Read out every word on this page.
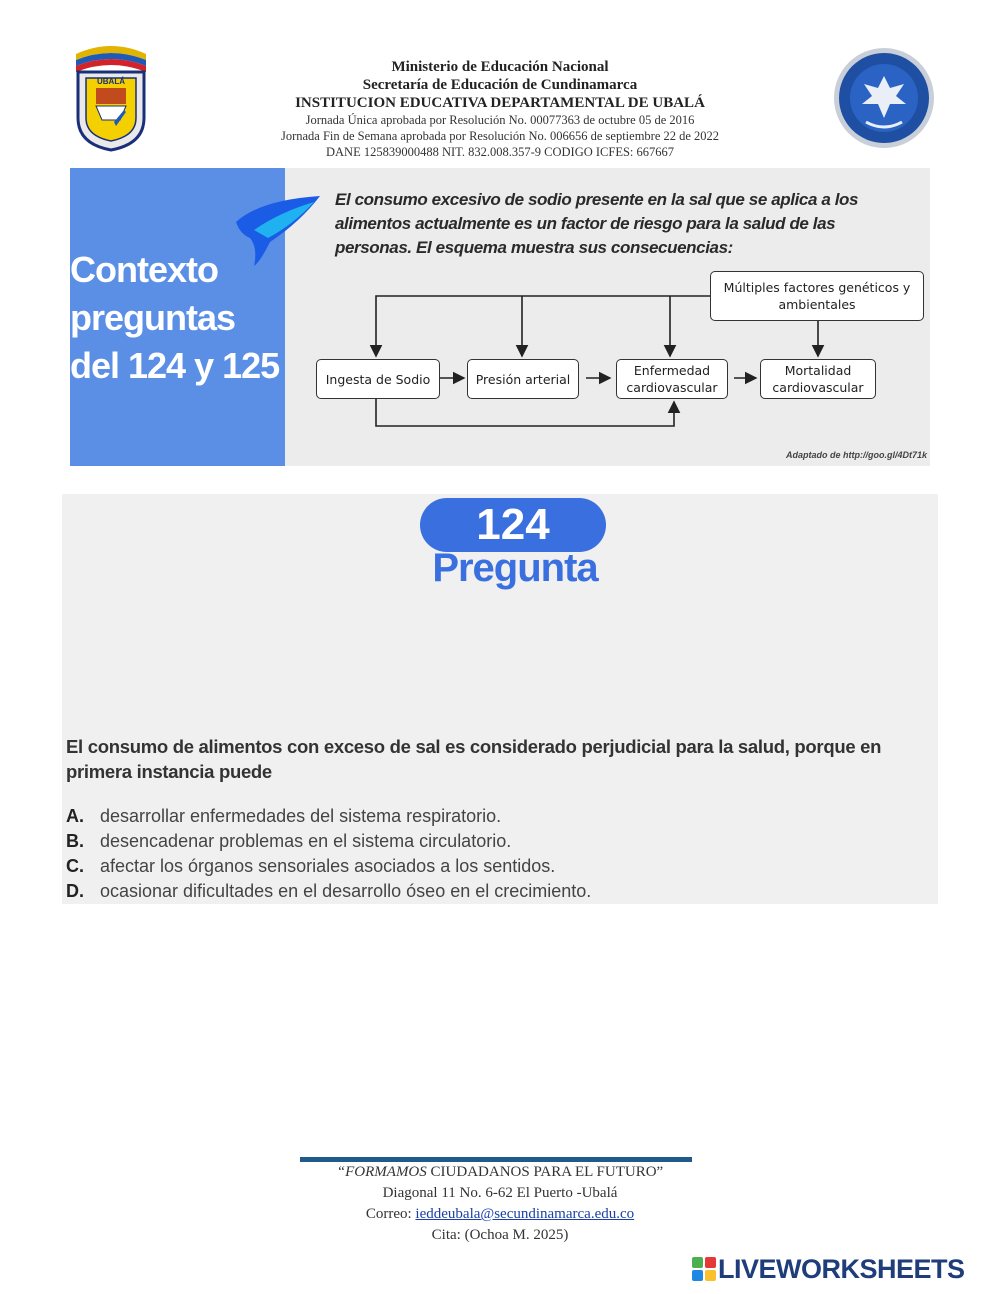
UBALÁ
Ministerio de Educación Nacional
Secretaría de Educación de Cundinamarca
INSTITUCION EDUCATIVA DEPARTAMENTAL DE UBALÁ
Jornada Única aprobada por Resolución No. 00077363 de octubre 05 de 2016
Jornada Fin de Semana aprobada por Resolución No. 006656 de septiembre 22 de 2022
DANE 125839000488 NIT. 832.008.357-9 CODIGO ICFES: 667667
Contexto
preguntas
del 124 y 125
El consumo excesivo de sodio presente en la sal que se aplica a los alimentos actualmente es un factor de riesgo para la salud de las personas. El esquema muestra sus consecuencias:
Múltiples factores genéticos y ambientales
Ingesta de Sodio	Presión arterial
Enfermedad cardiovascular
Mortalidad cardiovascular
Adaptado de http://goo.gl/4Dt71k
124
Pregunta
El consumo de alimentos con exceso de sal es considerado perjudicial para la salud, porque en primera instancia puede
A. desarrollar enfermedades del sistema respiratorio.
B. desencadenar problemas en el sistema circulatorio.
C. afectar los órganos sensoriales asociados a los sentidos.
D. ocasionar dificultades en el desarrollo óseo en el crecimiento.
“FORMAMOS CIUDADANOS PARA EL FUTURO”
Diagonal 11 No. 6-62 El Puerto -Ubalá
Correo: ieddeubala@secundinamarca.edu.co
Cita: (Ochoa M. 2025)
LIVEWORKSHEETS
